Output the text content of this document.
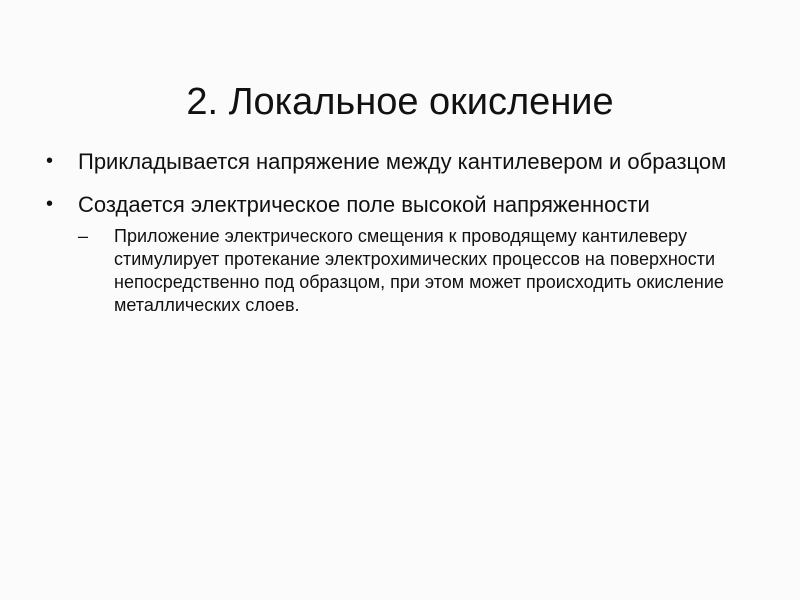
2. Локальное окисление
• Прикладывается напряжение между кантилевером и образцом
• Создается электрическое поле высокой напряженности
– Приложение электрического смещения к проводящему кантилеверу стимулирует протекание электрохимических процессов на поверхности непосредственно под образцом, при этом может происходить окисление металлических слоев.
